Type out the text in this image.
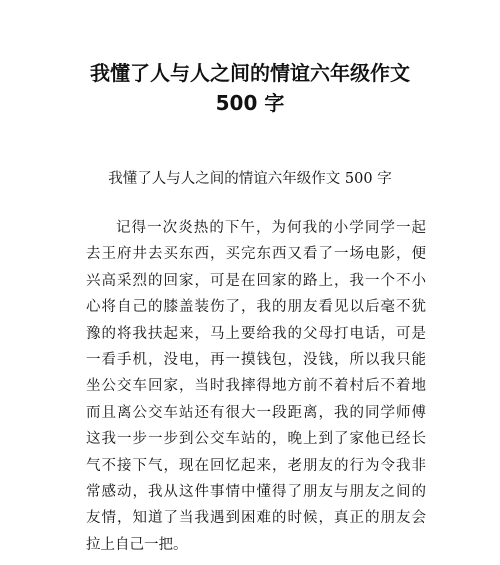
我懂了人与人之间的情谊六年级作文
500 字

我懂了人与人之间的情谊六年级作文 500 字

记得一次炎热的下午，为何我的小学同学一起
去王府井去买东西，买完东西又看了一场电影，便
兴高采烈的回家，可是在回家的路上，我一个不小
心将自己的膝盖装伤了，我的朋友看见以后毫不犹
豫的将我扶起来，马上要给我的父母打电话，可是
一看手机，没电，再一摸钱包，没钱，所以我只能
坐公交车回家，当时我摔得地方前不着村后不着地
而且离公交车站还有很大一段距离，我的同学师傅
这我一步一步到公交车站的，晚上到了家他已经长
气不接下气，现在回忆起来，老朋友的行为令我非
常感动，我从这件事情中懂得了朋友与朋友之间的
友情，知道了当我遇到困难的时候，真正的朋友会
拉上自己一把。
